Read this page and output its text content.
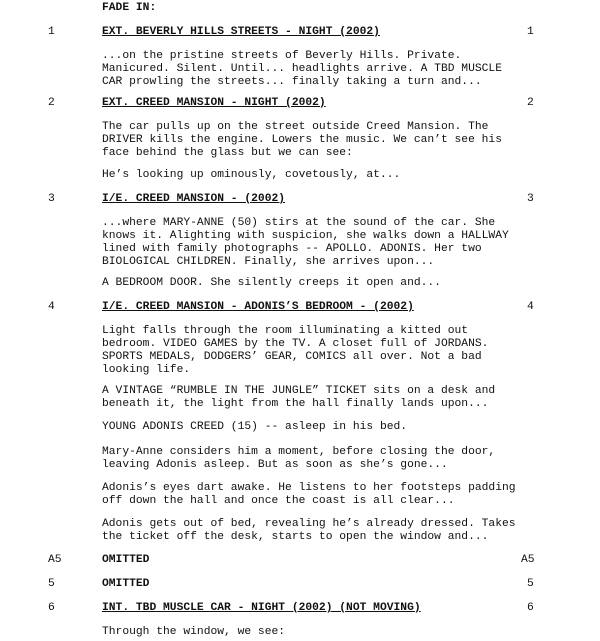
FADE IN:
1	EXT. BEVERLY HILLS STREETS - NIGHT (2002)	1
...on the pristine streets of Beverly Hills. Private.
Manicured. Silent. Until... headlights arrive. A TBD MUSCLE
CAR prowling the streets... finally taking a turn and...
2	EXT. CREED MANSION - NIGHT (2002)	2
The car pulls up on the street outside Creed Mansion. The
DRIVER kills the engine. Lowers the music. We can’t see his
face behind the glass but we can see:
He’s looking up ominously, covetously, at...
3	I/E. CREED MANSION - (2002)	3
...where MARY-ANNE (50) stirs at the sound of the car. She
knows it. Alighting with suspicion, she walks down a HALLWAY
lined with family photographs -- APOLLO. ADONIS. Her two
BIOLOGICAL CHILDREN. Finally, she arrives upon...
A BEDROOM DOOR. She silently creeps it open and...
4	I/E. CREED MANSION - ADONIS’S BEDROOM - (2002)	4
Light falls through the room illuminating a kitted out
bedroom. VIDEO GAMES by the TV. A closet full of JORDANS.
SPORTS MEDALS, DODGERS’ GEAR, COMICS all over. Not a bad
looking life.
A VINTAGE “RUMBLE IN THE JUNGLE” TICKET sits on a desk and
beneath it, the light from the hall finally lands upon...
YOUNG ADONIS CREED (15) -- asleep in his bed.
Mary-Anne considers him a moment, before closing the door,
leaving Adonis asleep. But as soon as she’s gone...
Adonis’s eyes dart awake. He listens to her footsteps padding
off down the hall and once the coast is all clear...
Adonis gets out of bed, revealing he’s already dressed. Takes
the ticket off the desk, starts to open the window and...
A5	OMITTED	A5
5	OMITTED	5
6	INT. TBD MUSCLE CAR - NIGHT (2002) (NOT MOVING)	6
Through the window, we see:
